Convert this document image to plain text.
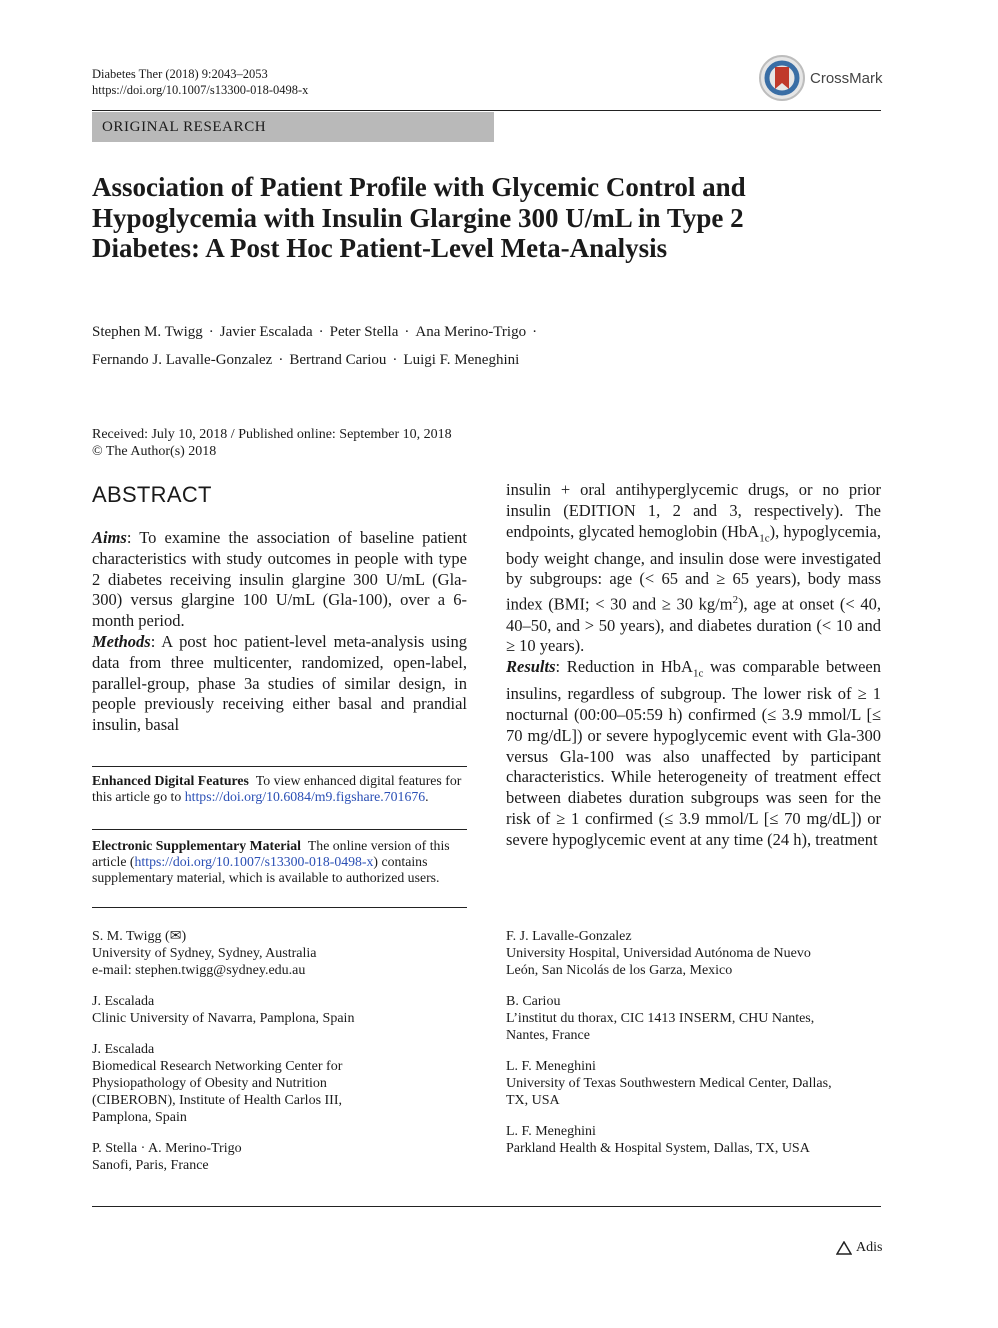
Diabetes Ther (2018) 9:2043–2053
https://doi.org/10.1007/s13300-018-0498-x
CrossMark
ORIGINAL RESEARCH
Association of Patient Profile with Glycemic Control and Hypoglycemia with Insulin Glargine 300 U/mL in Type 2 Diabetes: A Post Hoc Patient-Level Meta-Analysis
Stephen M. Twigg · Javier Escalada · Peter Stella · Ana Merino-Trigo ·
Fernando J. Lavalle-Gonzalez · Bertrand Cariou · Luigi F. Meneghini
Received: July 10, 2018 / Published online: September 10, 2018
© The Author(s) 2018
ABSTRACT

Aims: To examine the association of baseline patient characteristics with study outcomes in people with type 2 diabetes receiving insulin glargine 300 U/mL (Gla-300) versus glargine 100 U/mL (Gla-100), over a 6-month period.

Methods: A post hoc patient-level meta-analysis using data from three multicenter, randomized, open-label, parallel-group, phase 3a studies of similar design, in people previously receiving either basal and prandial insulin, basal

insulin + oral antihyperglycemic drugs, or no prior insulin (EDITION 1, 2 and 3, respectively). The endpoints, glycated hemoglobin (HbA$_{1c}$), hypoglycemia, body weight change, and insulin dose were investigated by subgroups: age (< 65 and ≥ 65 years), body mass index (BMI; < 30 and ≥ 30 $kg/m^2$), age at onset (< 40, 40–50, and > 50 years), and diabetes duration (< 10 and ≥ 10 years).

Results: Reduction in HbA$_{1c}$ was comparable between insulins, regardless of subgroup. The lower risk of ≥ 1 nocturnal (00:00–05:59 h) confirmed (≤ 3.9 mmol/L [≤ 70 mg/dL]) or severe hypoglycemic event with Gla-300 versus Gla-100 was also unaffected by participant characteristics. While heterogeneity of treatment effect between diabetes duration subgroups was seen for the risk of ≥ 1 confirmed (≤ 3.9 mmol/L [≤ 70 mg/dL]) or severe hypoglycemic event at any time (24 h), treatment

Enhanced Digital Features To view enhanced digital features for this article go to https://doi.org/10.6084/m9.figshare.701676.
Electronic Supplementary Material The online version of this article (https://doi.org/10.1007/s13300-018-0498-x) contains supplementary material, which is available to authorized users.
S. M. Twigg (✉)
University of Sydney, Sydney, Australia
e-mail: stephen.twigg@sydney.edu.au
J. Escalada
Clinic University of Navarra, Pamplona, Spain
J. Escalada
Biomedical Research Networking Center for Physiopathology of Obesity and Nutrition (CIBEROBN), Institute of Health Carlos III, Pamplona, Spain
P. Stella · A. Merino-Trigo
Sanofi, Paris, France
F. J. Lavalle-Gonzalez
University Hospital, Universidad Autónoma de Nuevo León, San Nicolás de los Garza, Mexico
B. Cariou
L’institut du thorax, CIC 1413 INSERM, CHU Nantes, Nantes, France
L. F. Meneghini
University of Texas Southwestern Medical Center, Dallas, TX, USA
L. F. Meneghini
Parkland Health & Hospital System, Dallas, TX, USA
Adis
